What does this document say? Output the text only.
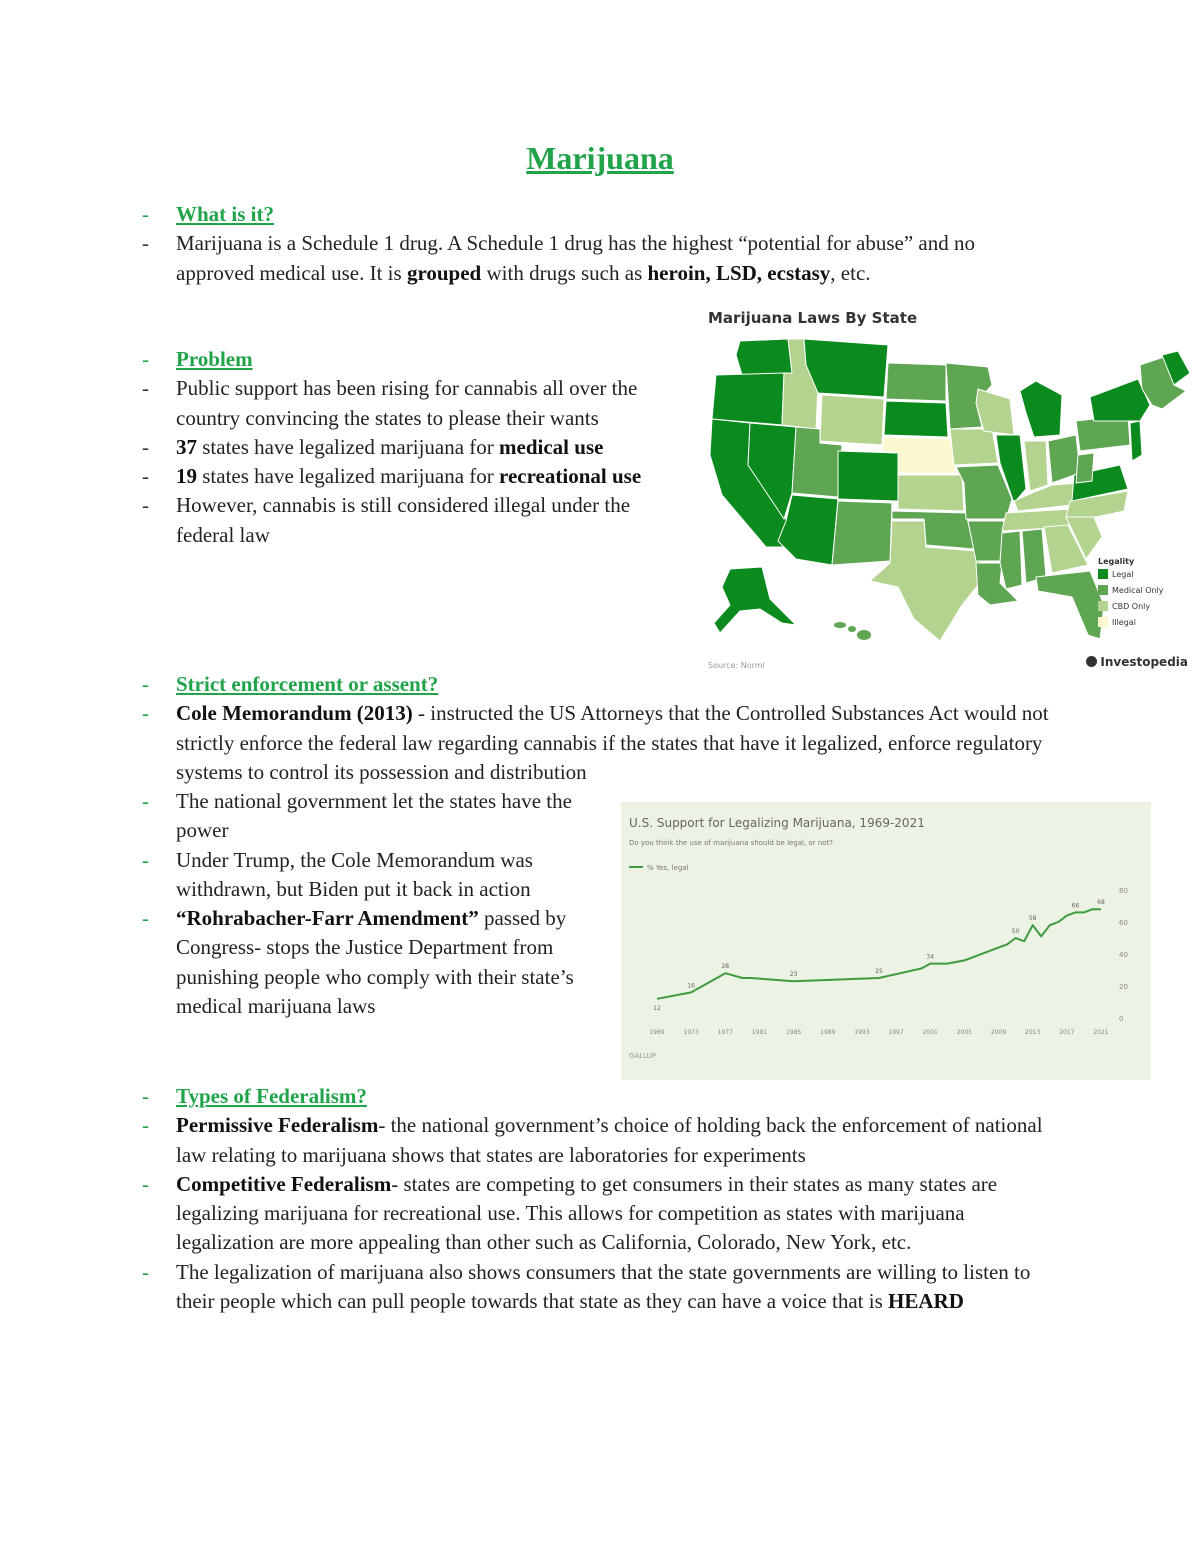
Marijuana
- What is it?
- Marijuana is a Schedule 1 drug. A Schedule 1 drug has the highest “potential for abuse” and no approved medical use. It is grouped with drugs such as heroin, LSD, ecstasy, etc.
- Problem
- Public support has been rising for cannabis all over the country convincing the states to please their wants
- 37 states have legalized marijuana for medical use
- 19 states have legalized marijuana for recreational use
- However, cannabis is still considered illegal under the federal law
Marijuana Laws By State
Legality
Legal
Medical Only
CBD Only
Illegal
Source: Norml	Investopedia
- Strict enforcement or assent?
- Cole Memorandum (2013) - instructed the US Attorneys that the Controlled Substances Act would not strictly enforce the federal law regarding cannabis if the states that have it legalized, enforce regulatory systems to control its possession and distribution
- The national government let the states have the power
- Under Trump, the Cole Memorandum was withdrawn, but Biden put it back in action
- “Rohrabacher-Farr Amendment” passed by Congress- stops the Justice Department from punishing people who comply with their state’s medical marijuana laws
U.S. Support for Legalizing Marijuana, 1969-2021
Do you think the use of marijuana should be legal, or not?
% Yes, legal
0
20
40
60
80
1969	1973	1977	1981	1985	1989	1993	1997	2001	2005	2009	2013	2017	2021
12
16
28
23	25
34
50
58
66	68
GALLUP
- Types of Federalism?
- Permissive Federalism- the national government’s choice of holding back the enforcement of national law relating to marijuana shows that states are laboratories for experiments
- Competitive Federalism- states are competing to get consumers in their states as many states are legalizing marijuana for recreational use. This allows for competition as states with marijuana legalization are more appealing than other such as California, Colorado, New York, etc.
- The legalization of marijuana also shows consumers that the state governments are willing to listen to their people which can pull people towards that state as they can have a voice that is HEARD
